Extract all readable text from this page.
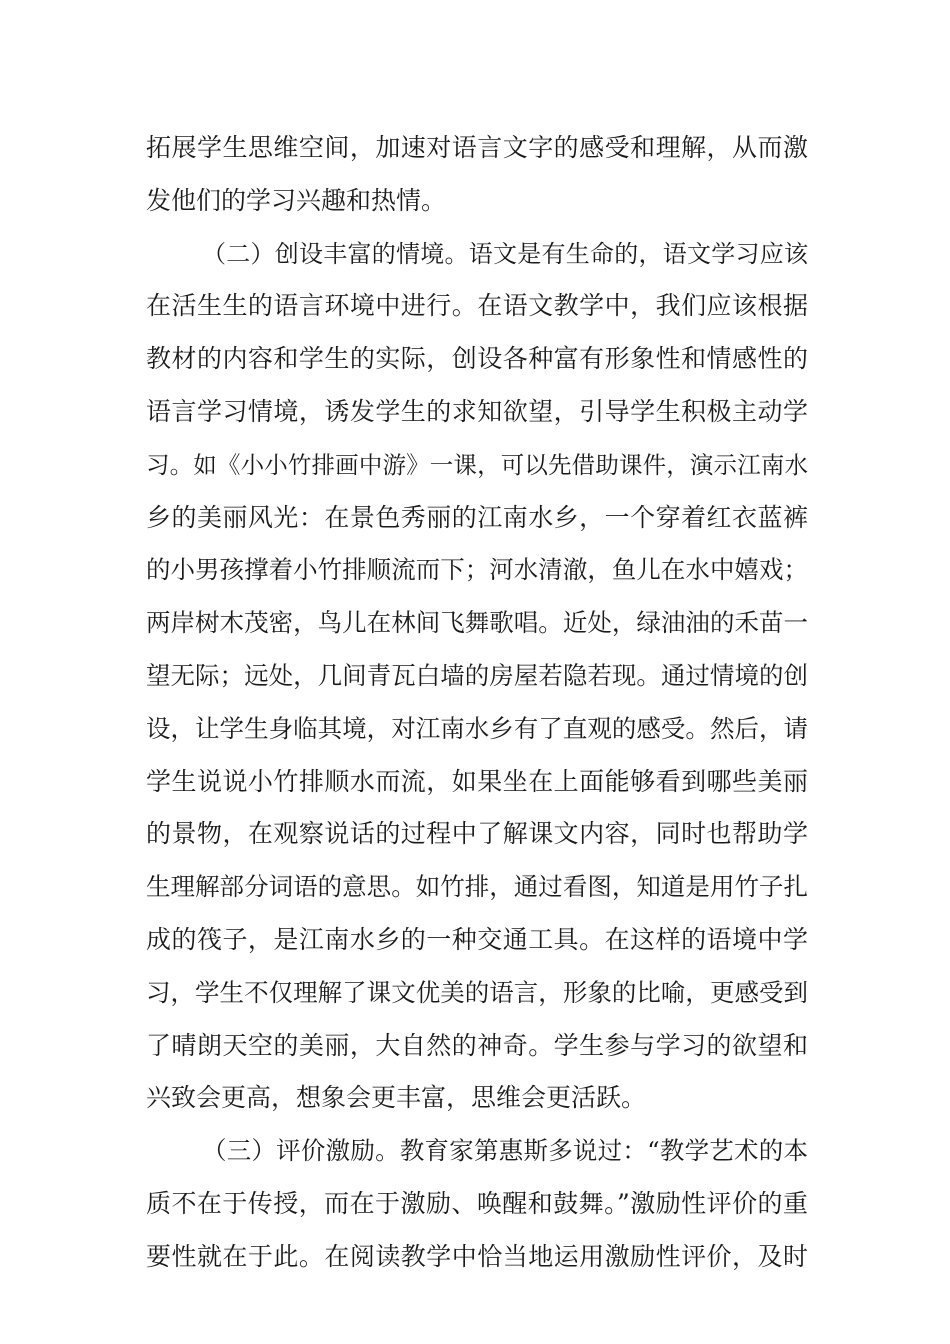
拓展学生思维空间，加速对语言文字的感受和理解，从而激
发他们的学习兴趣和热情。
（二）创设丰富的情境。语文是有生命的，语文学习应该
在活生生的语言环境中进行。在语文教学中，我们应该根据
教材的内容和学生的实际，创设各种富有形象性和情感性的
语言学习情境，诱发学生的求知欲望，引导学生积极主动学
习。如《小小竹排画中游》一课，可以先借助课件，演示江南水
乡的美丽风光：在景色秀丽的江南水乡，一个穿着红衣蓝裤
的小男孩撑着小竹排顺流而下；河水清澈，鱼儿在水中嬉戏；
两岸树木茂密，鸟儿在林间飞舞歌唱。近处，绿油油的禾苗一
望无际；远处，几间青瓦白墙的房屋若隐若现。通过情境的创
设，让学生身临其境，对江南水乡有了直观的感受。然后，请
学生说说小竹排顺水而流，如果坐在上面能够看到哪些美丽
的景物，在观察说话的过程中了解课文内容，同时也帮助学
生理解部分词语的意思。如竹排，通过看图，知道是用竹子扎
成的筏子，是江南水乡的一种交通工具。在这样的语境中学
习，学生不仅理解了课文优美的语言，形象的比喻，更感受到
了晴朗天空的美丽，大自然的神奇。学生参与学习的欲望和
兴致会更高，想象会更丰富，思维会更活跃。
（三）评价激励。教育家第惠斯多说过：“教学艺术的本
质不在于传授，而在于激励、唤醒和鼓舞。”激励性评价的重
要性就在于此。在阅读教学中恰当地运用激励性评价，及时
